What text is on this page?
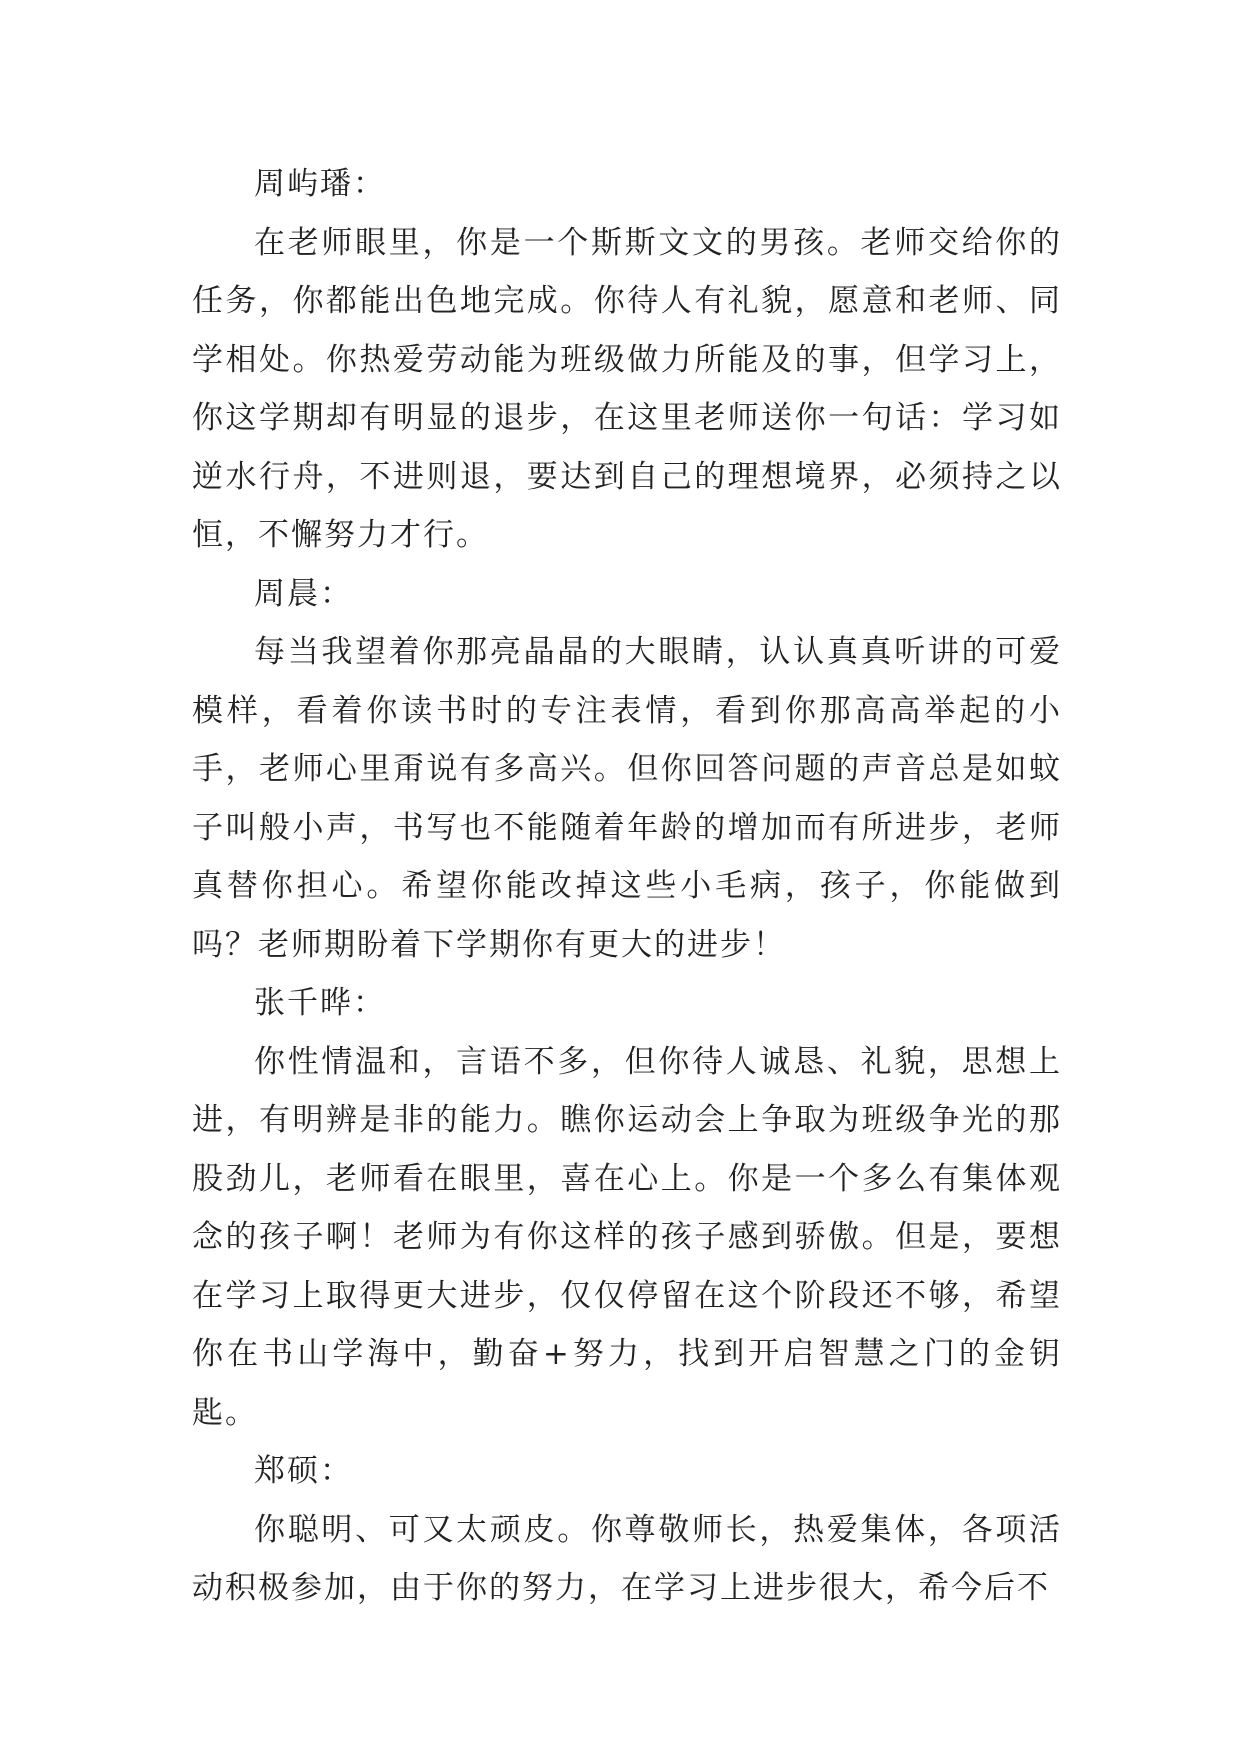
周屿璠：

在老师眼里，你是一个斯斯文文的男孩。老师交给你的任务，你都能出色地完成。你待人有礼貌，愿意和老师、同学相处。你热爱劳动能为班级做力所能及的事，但学习上，你这学期却有明显的退步，在这里老师送你一句话：学习如逆水行舟，不进则退，要达到自己的理想境界，必须持之以恒，不懈努力才行。

周晨：

每当我望着你那亮晶晶的大眼睛，认认真真听讲的可爱模样，看着你读书时的专注表情，看到你那高高举起的小手，老师心里甭说有多高兴。但你回答问题的声音总是如蚊子叫般小声，书写也不能随着年龄的增加而有所进步，老师真替你担心。希望你能改掉这些小毛病，孩子，你能做到吗？老师期盼着下学期你有更大的进步！

张千晔：

你性情温和，言语不多，但你待人诚恳、礼貌，思想上进，有明辨是非的能力。瞧你运动会上争取为班级争光的那股劲儿，老师看在眼里，喜在心上。你是一个多么有集体观念的孩子啊！老师为有你这样的孩子感到骄傲。但是，要想在学习上取得更大进步，仅仅停留在这个阶段还不够，希望你在书山学海中，勤奋+努力，找到开启智慧之门的金钥匙。

郑硕：

你聪明、可又太顽皮。你尊敬师长，热爱集体，各项活动积极参加，由于你的努力，在学习上进步很大，希今后不
